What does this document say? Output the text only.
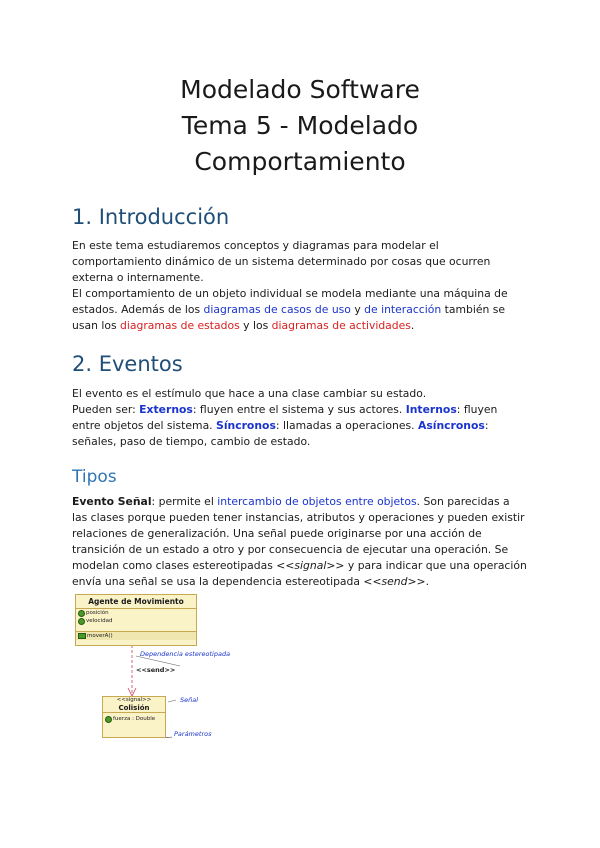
Modelado Software
Tema 5 - Modelado
Comportamiento
1. Introducción

En este tema estudiaremos conceptos y diagramas para modelar el comportamiento dinámico de un sistema determinado por cosas que ocurren externa o internamente.

El comportamiento de un objeto individual se modela mediante una máquina de estados. Además de los diagramas de casos de uso y de interacción también se usan los diagramas de estados y los diagramas de actividades.

2. Eventos

El evento es el estímulo que hace a una clase cambiar su estado.

Pueden ser: Externos: fluyen entre el sistema y sus actores. Internos: fluyen entre objetos del sistema. Síncronos: llamadas a operaciones. Asíncronos: señales, paso de tiempo, cambio de estado.

Tipos

Evento Señal: permite el intercambio de objetos entre objetos. Son parecidas a las clases porque pueden tener instancias, atributos y operaciones y pueden existir relaciones de generalización. Una señal puede originarse por una acción de transición de un estado a otro y por consecuencia de ejecutar una operación. Se modelan como clases estereotipadas <<signal>> y para indicar que una operación envía una señal se usa la dependencia estereotipada <<send>>.

Agente de Movimiento
posición
velocidad
moverA()
Dependencia estereotipada
<<send>>
<<signal>>
Colisión
fuerza : Double
Señal
Parámetros
